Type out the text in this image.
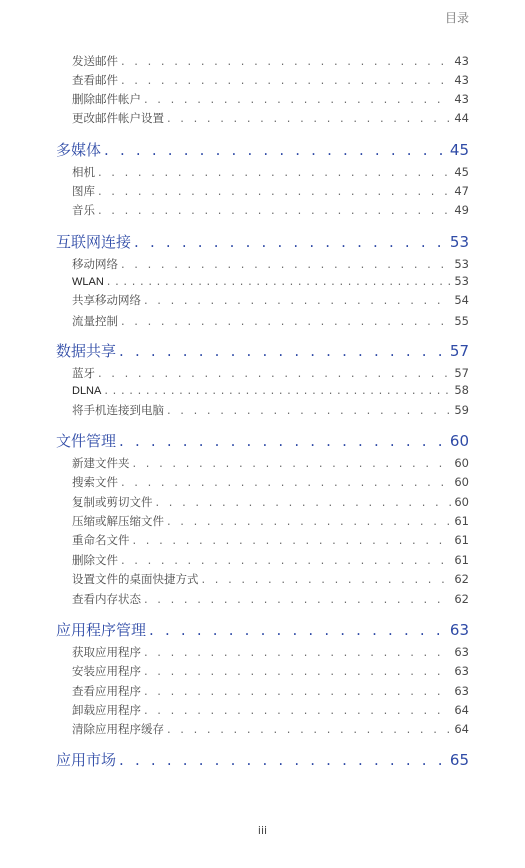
目录
发送邮件 . . .	43
查看邮件 . . .	43
删除邮件帐户 . . .	43
更改邮件帐户设置 . . .	44
多媒体 . . .	45
相机 . . .	45
图库 . . .	47
音乐 . . .	49
互联网连接 . . .	53
移动网络 . . .	53
WLAN . . .	53
共享移动网络 . . .	54
流量控制 . . .	55
数据共享 . . .	57
蓝牙 . . .	57
DLNA . . .	58
将手机连接到电脑 . . .	59
文件管理 . . .	60
新建文件夹 . . .	60
搜索文件 . . .	60
复制或剪切文件 . . .	60
压缩或解压缩文件 . . .	61
重命名文件 . . .	61
删除文件 . . .	61
设置文件的桌面快捷方式 . . .	62
查看内存状态 . . .	62
应用程序管理 . . .	63
获取应用程序 . . .	63
安装应用程序 . . .	63
查看应用程序 . . .	63
卸载应用程序 . . .	64
清除应用程序缓存 . . .	64
应用市场 . . .	65
iii
